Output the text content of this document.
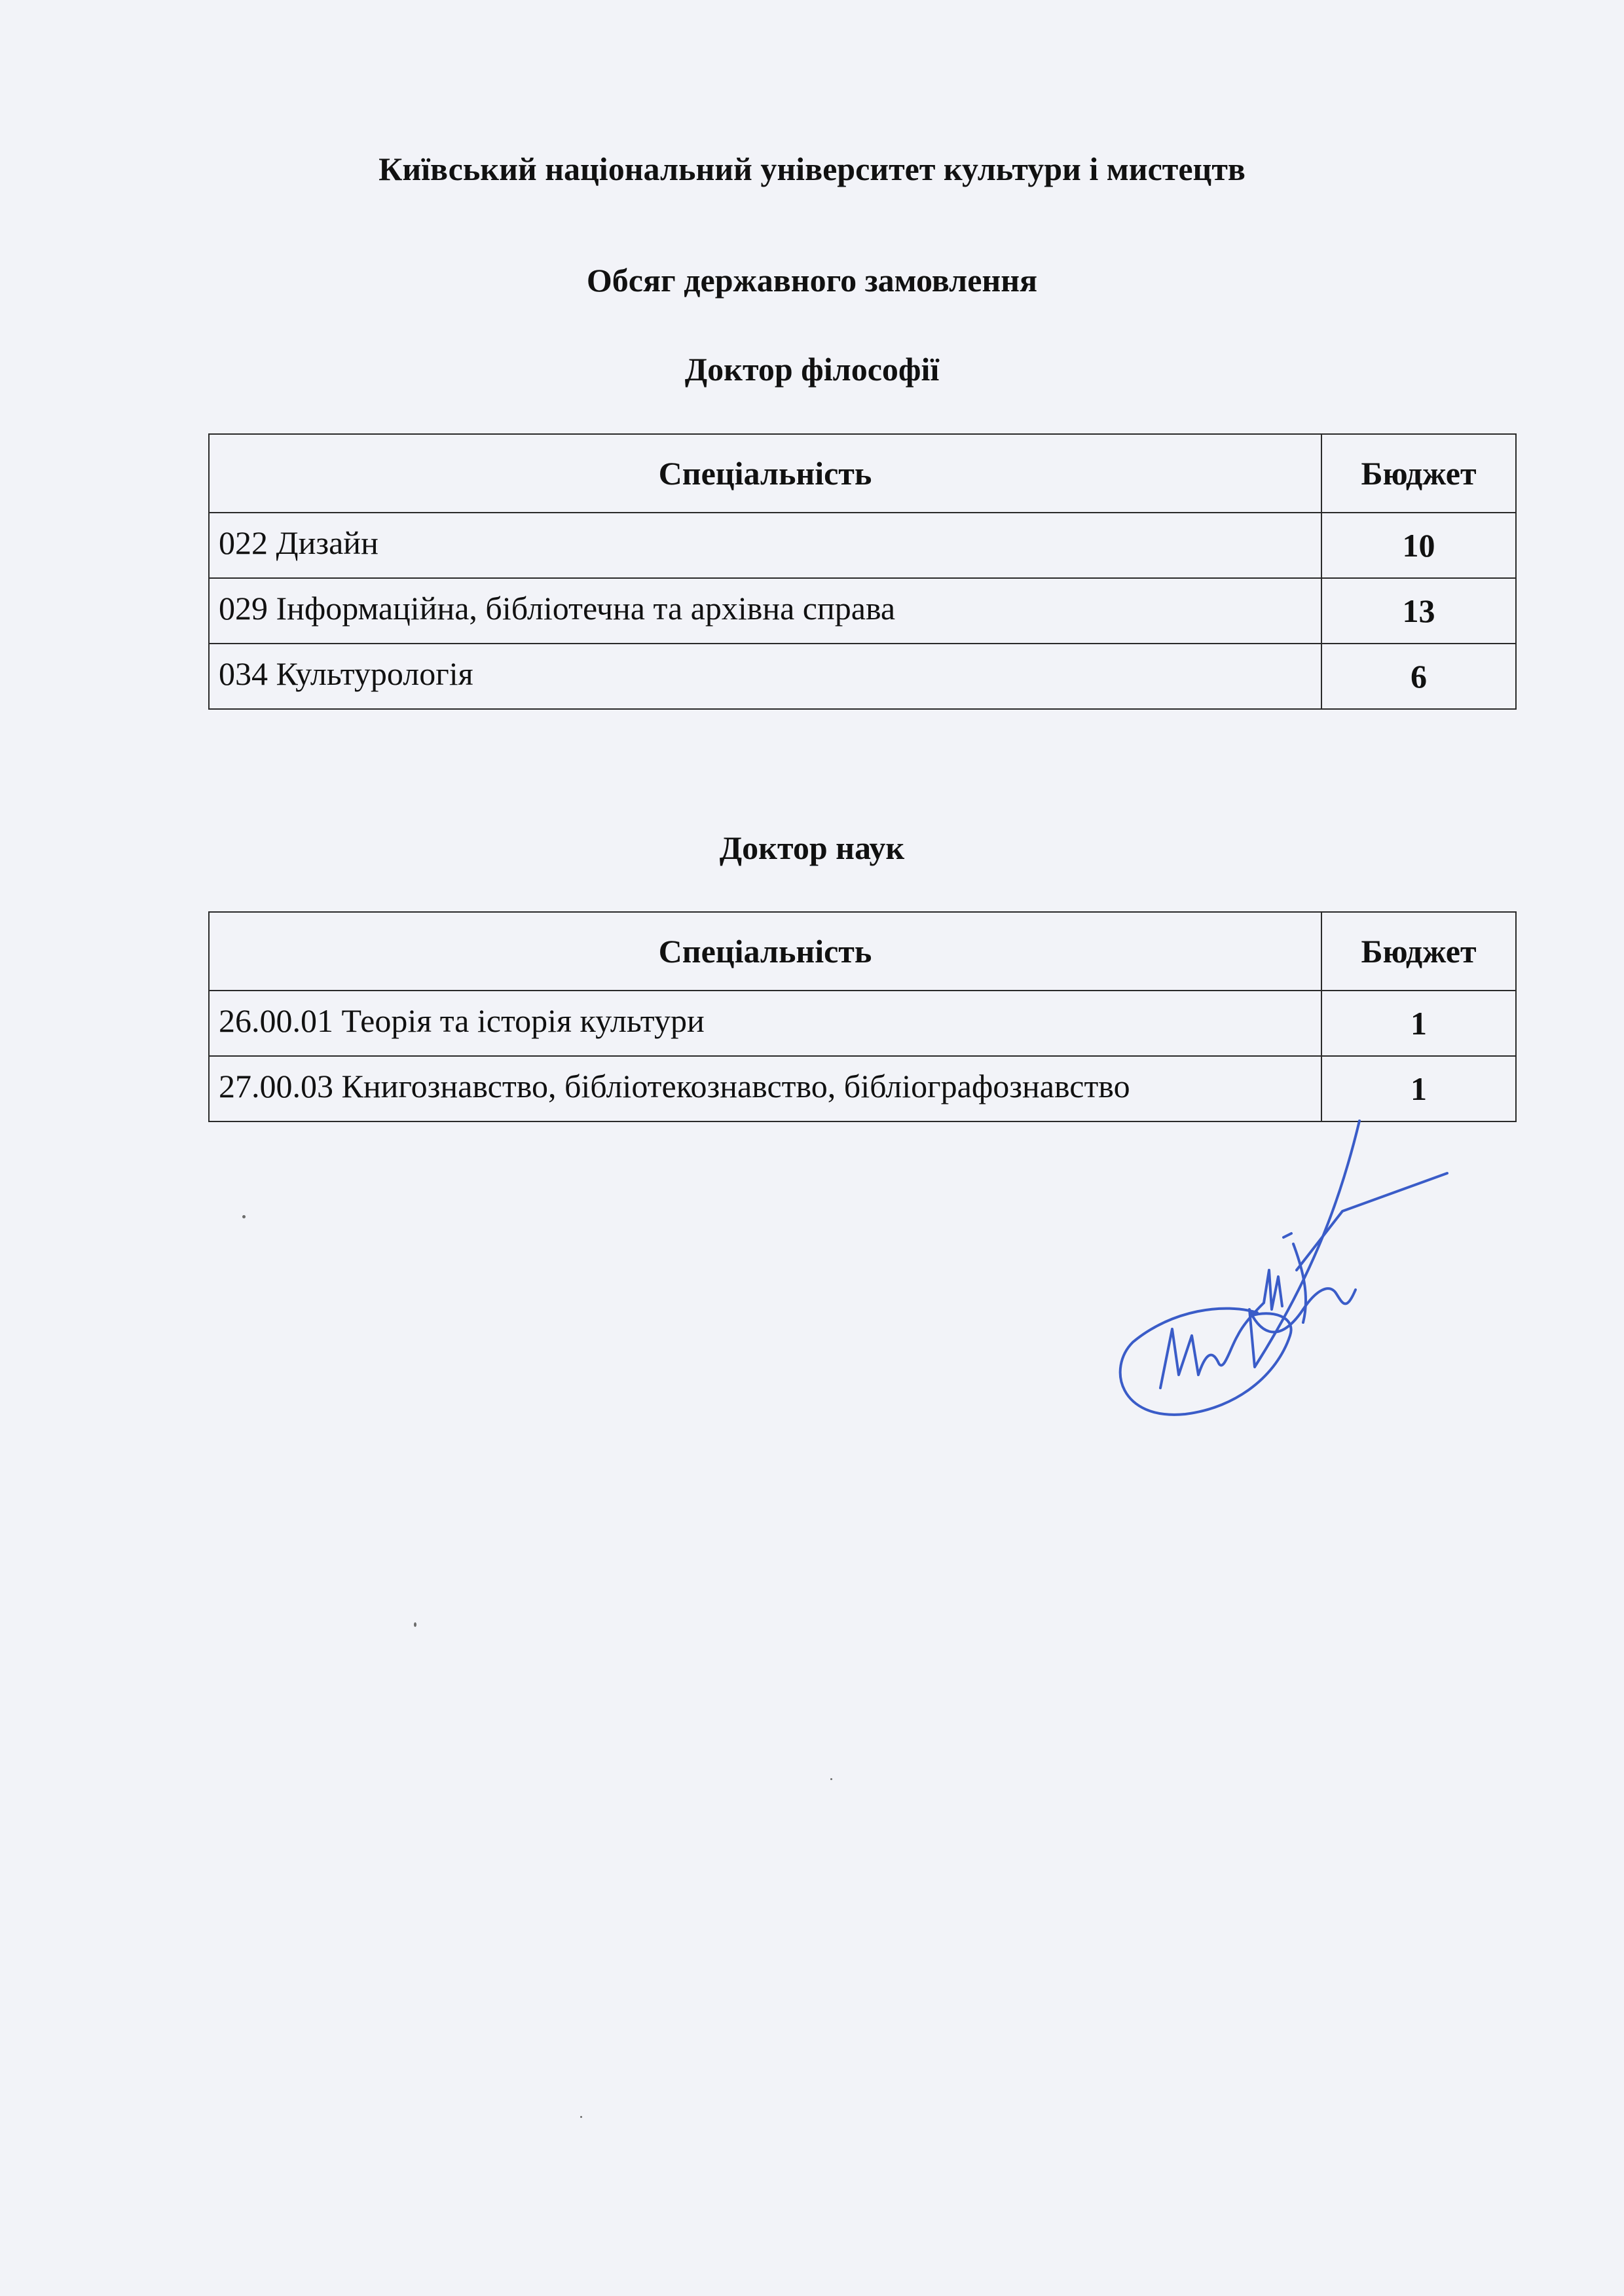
Київський національний університет культури і мистецтв
Обсяг державного замовлення
Доктор філософії
Спеціальність	Бюджет
022 Дизайн	10
029 Інформаційна, бібліотечна та архівна справа	13
034 Культурологія	6
Доктор наук
Спеціальність	Бюджет
26.00.01 Теорія та історія культури	1
27.00.03 Книгознавство, бібліотекознавство, бібліографознавство	1
